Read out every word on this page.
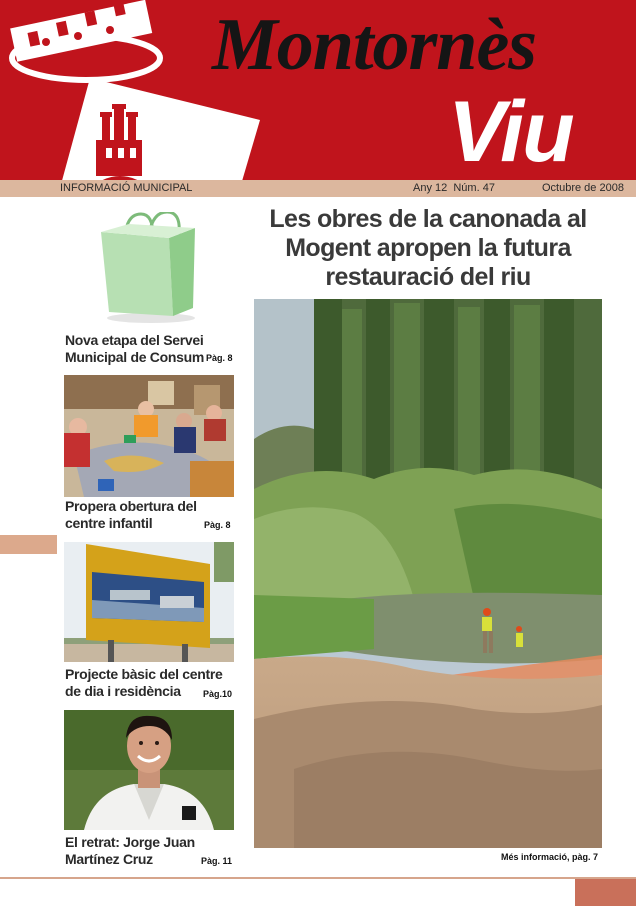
Montornès
Viu
INFORMACIÓ MUNICIPAL	Any 12  Núm. 47	Octubre de 2008
Nova etapa del Servei
Municipal de Consum Pàg. 8
Propera obertura del
centre infantil	Pàg. 8
Projecte bàsic del centre
de dia i residència	Pàg.10
El retrat: Jorge Juan
Martínez Cruz	Pàg. 11
Les obres de la canonada al
Mogent apropen la futura
restauració del riu
Més informació, pàg. 7
